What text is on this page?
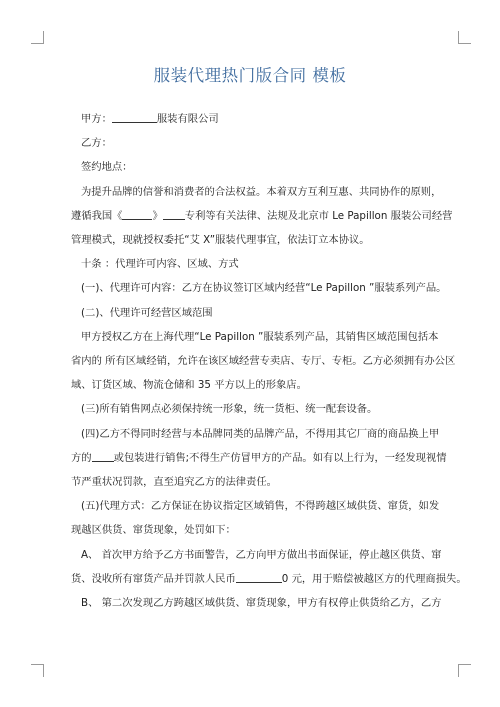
服装代理热门版合同 模板

甲方：	服装有限公司

乙方：

签约地点：

为提升品牌的信誉和消费者的合法权益。本着双方互利互惠、共同协作的原则，

遵循我国《	》 专利等有关法律、法规及北京市 Le Papillon 服装公司经营

管理模式，现就授权委托“艾 X”服装代理事宜，依法订立本协议。

十条 ：代理许可内容、区域、方式

(一)、代理许可内容：乙方在协议签订区域内经营“Le Papillon ”服装系列产品。

(二)、代理许可经营区域范围

甲方授权乙方在上海代理“Le Papillon ”服装系列产品，其销售区域范围包括本

省内的 所有区域经销，允许在该区域经营专卖店、专厅、专柜。乙方必须拥有办公区

域、订货区域、物流仓储和 35 平方以上的形象店。

(三)所有销售网点必须保持统一形象，统一货柜、统一配套设备。

(四)乙方不得同时经营与本品牌同类的品牌产品，不得用其它厂商的商品换上甲

方的 或包装进行销售;不得生产仿冒甲方的产品。如有以上行为，一经发现视情

节严重状况罚款，直至追究乙方的法律责任。

(五)代理方式：乙方保证在协议指定区域销售，不得跨越区域供货、窜货，如发

现越区供货、窜货现象，处罚如下：

A、 首次甲方给予乙方书面警告，乙方向甲方做出书面保证，停止越区供货、窜

货、没收所有窜货产品并罚款人民币	0 元，用于赔偿被越区方的代理商损失。

B、 第二次发现乙方跨越区域供货、窜货现象，甲方有权停止供货给乙方，乙方
